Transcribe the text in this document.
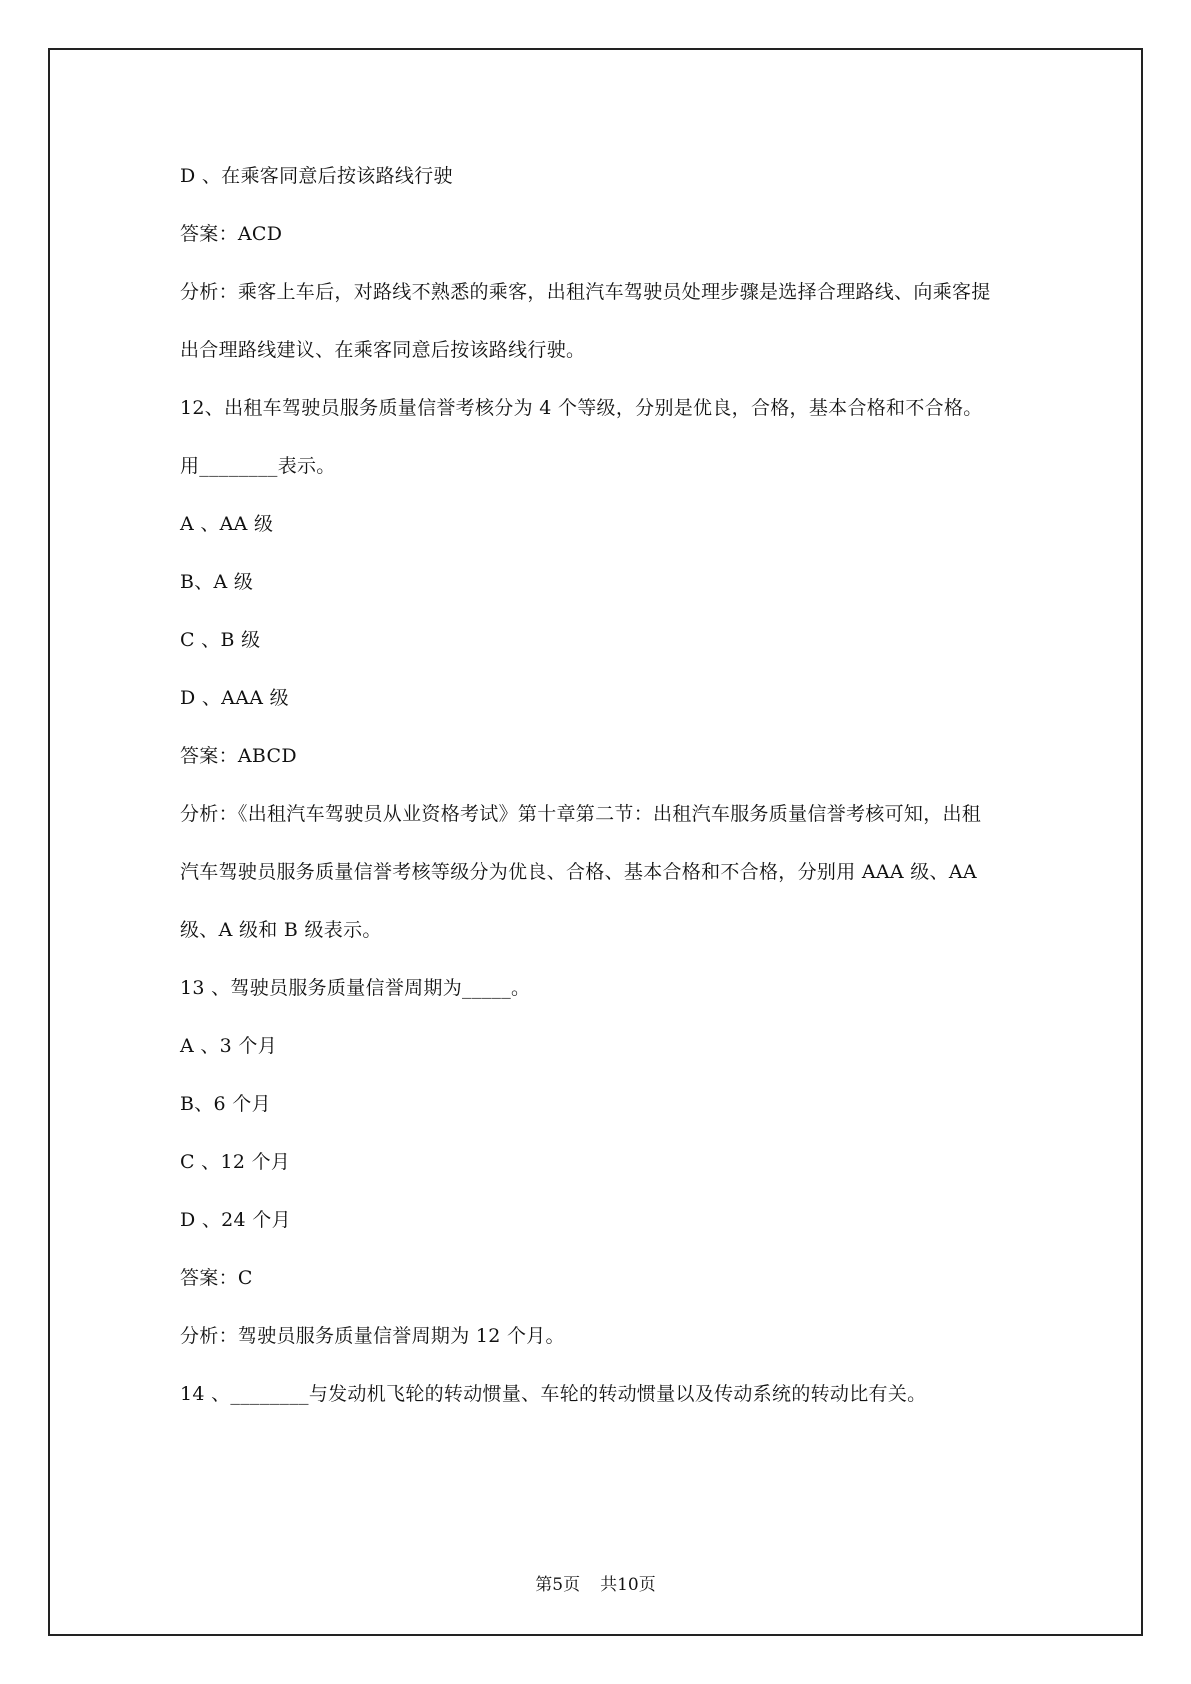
D 、在乘客同意后按该路线行驶
答案：ACD
分析：乘客上车后，对路线不熟悉的乘客，出租汽车驾驶员处理步骤是选择合理路线、向乘客提
出合理路线建议、在乘客同意后按该路线行驶。
12、出租车驾驶员服务质量信誉考核分为 4 个等级，分别是优良，合格，基本合格和不合格。
用________表示。
A 、AA 级
B、A 级
C 、B 级
D 、AAA 级
答案：ABCD
分析：《出租汽车驾驶员从业资格考试》第十章第二节：出租汽车服务质量信誉考核可知，出租
汽车驾驶员服务质量信誉考核等级分为优良、合格、基本合格和不合格，分别用 AAA 级、AA
级、A 级和 B 级表示。
13 、驾驶员服务质量信誉周期为_____。
A 、3 个月
B、6 个月
C 、12 个月
D 、24 个月
答案：C
分析：驾驶员服务质量信誉周期为 12 个月。
14 、________与发动机飞轮的转动惯量、车轮的转动惯量以及传动系统的转动比有关。
第5页 共10页
